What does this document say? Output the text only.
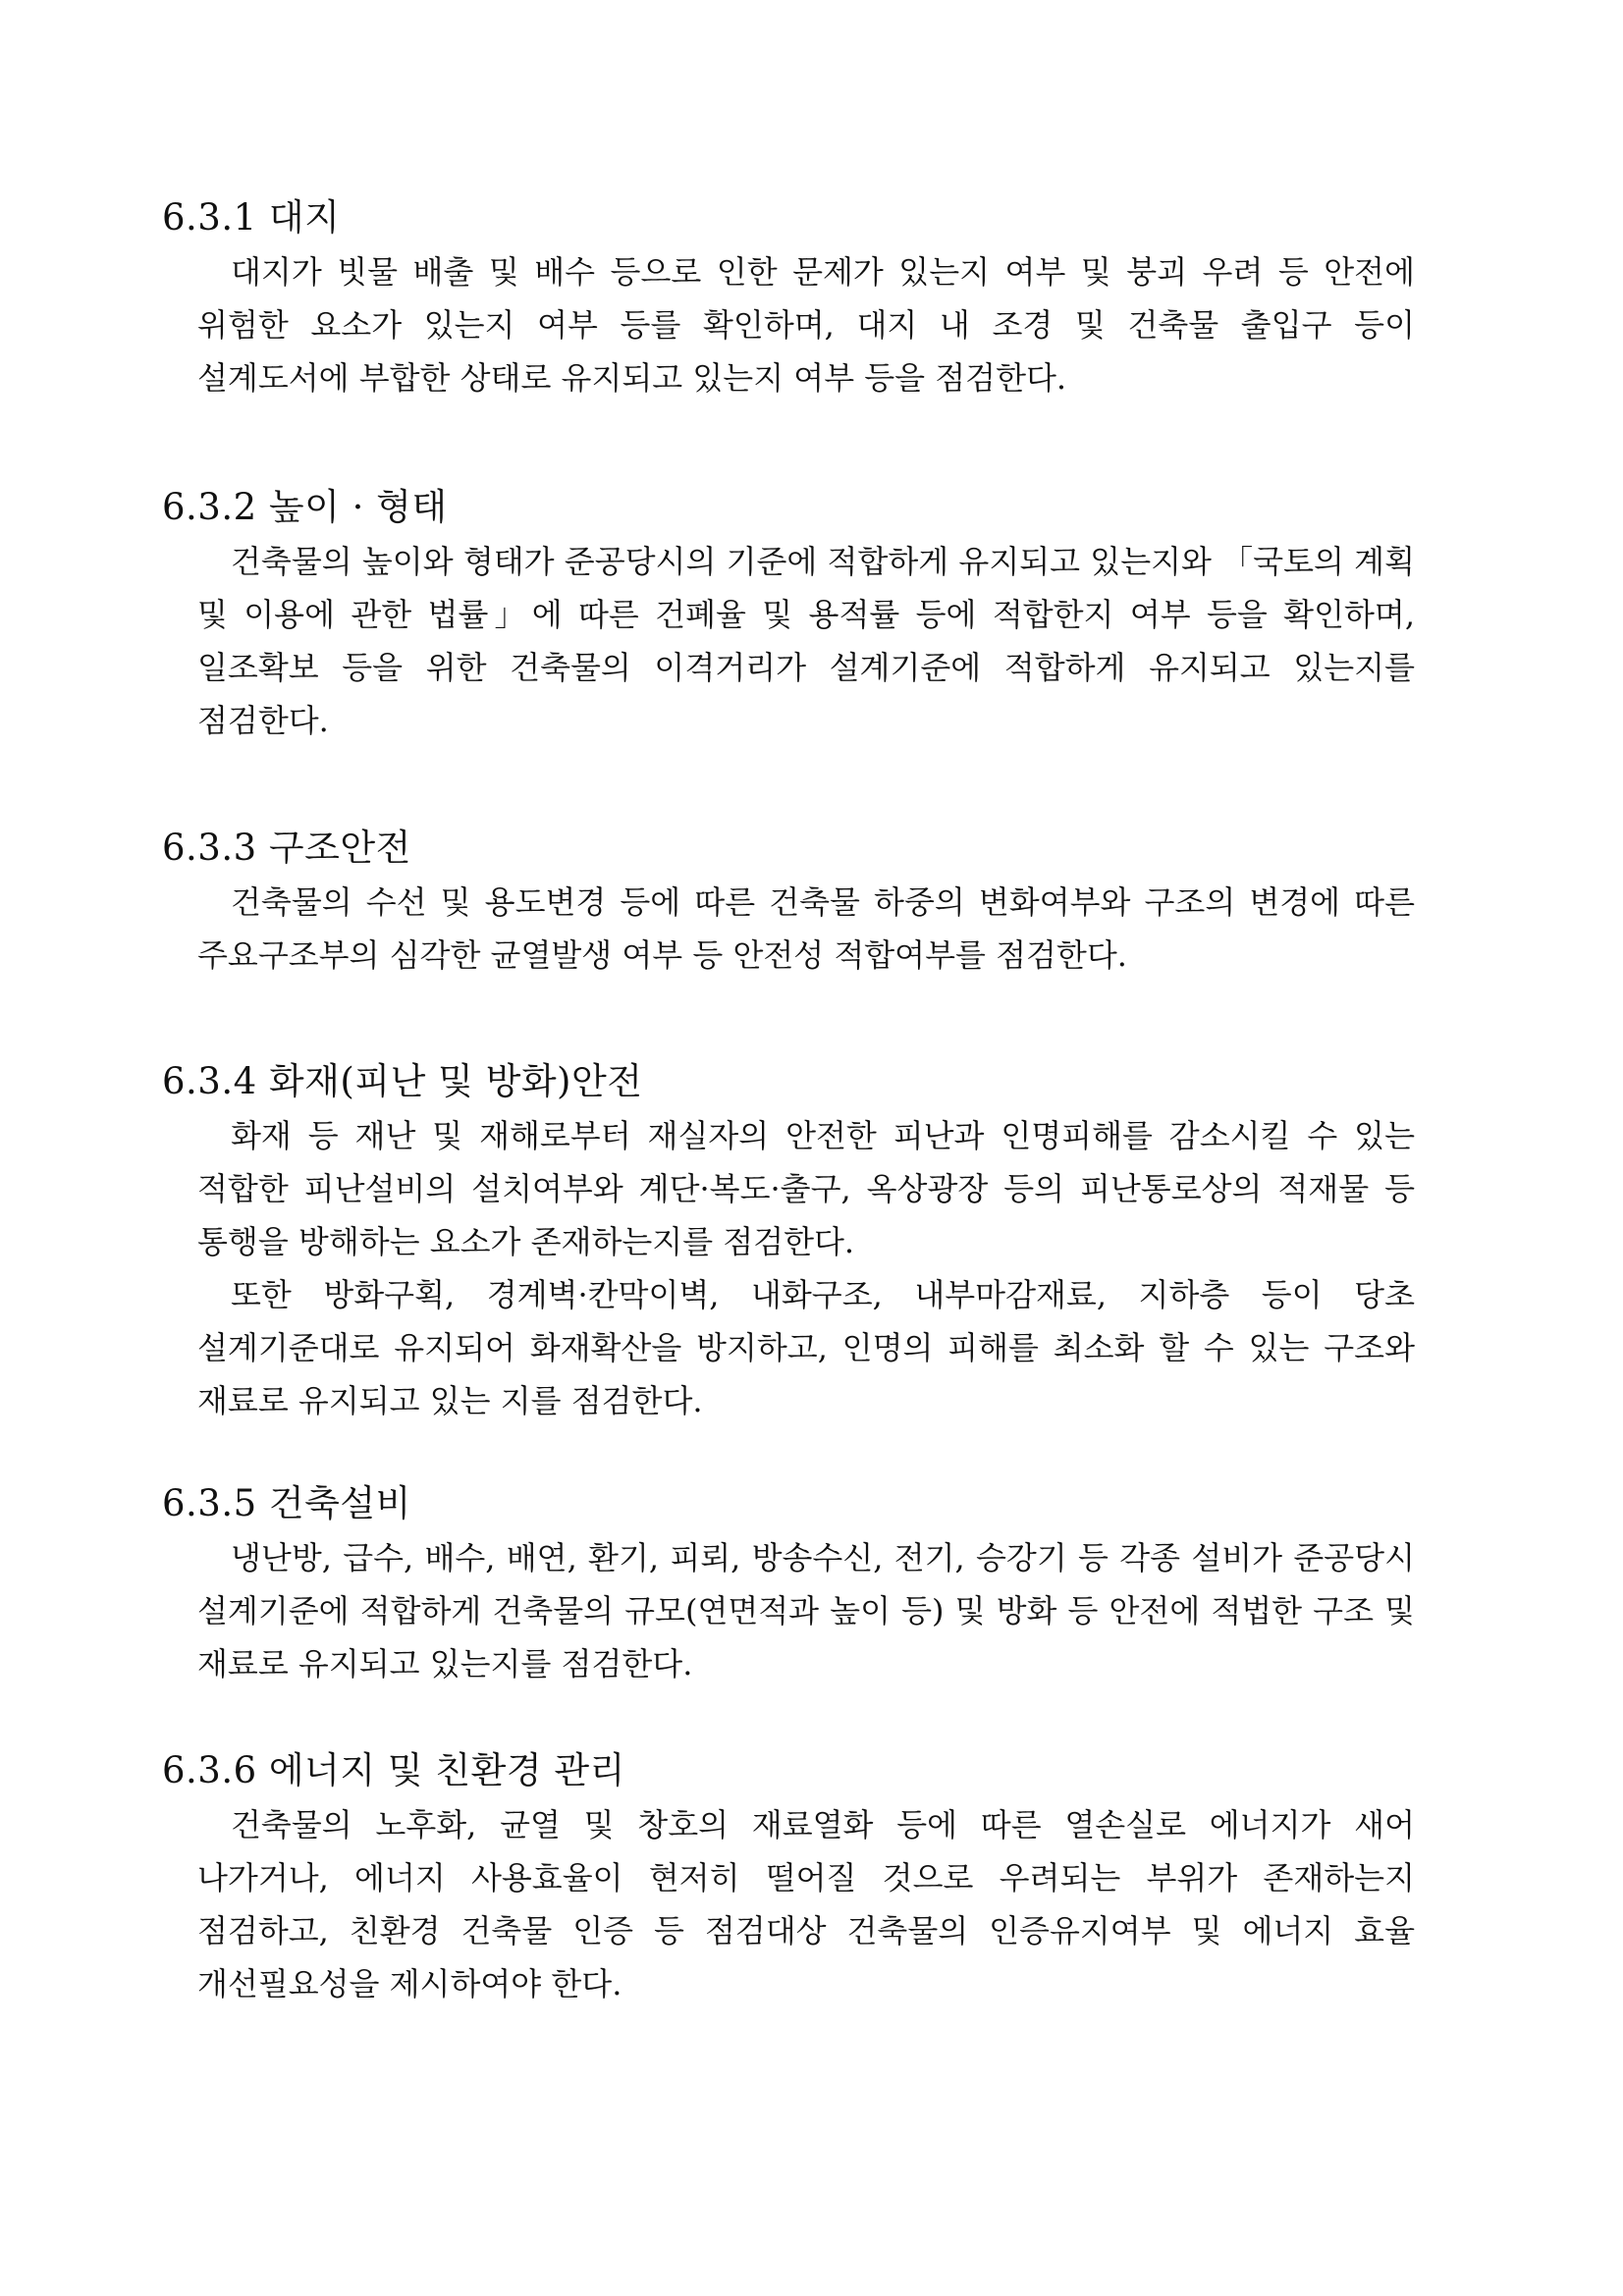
6.3.1 대지
대지가 빗물 배출 및 배수 등으로 인한 문제가 있는지 여부 및 붕괴 우려 등 안전에 위험한 요소가 있는지 여부 등를 확인하며, 대지 내 조경 및 건축물 출입구 등이 설계도서에 부합한 상태로 유지되고 있는지 여부 등을 점검한다.
6.3.2 높이 · 형태
건축물의 높이와 형태가 준공당시의 기준에 적합하게 유지되고 있는지와 「국토의 계획 및 이용에 관한 법률」에 따른 건폐율 및 용적률 등에 적합한지 여부 등을 확인하며, 일조확보 등을 위한 건축물의 이격거리가 설계기준에 적합하게 유지되고 있는지를 점검한다.
6.3.3 구조안전
건축물의 수선 및 용도변경 등에 따른 건축물 하중의 변화여부와 구조의 변경에 따른 주요구조부의 심각한 균열발생 여부 등 안전성 적합여부를 점검한다.
6.3.4 화재(피난 및 방화)안전
화재 등 재난 및 재해로부터 재실자의 안전한 피난과 인명피해를 감소시킬 수 있는 적합한 피난설비의 설치여부와 계단·복도·출구, 옥상광장 등의 피난통로상의 적재물 등 통행을 방해하는 요소가 존재하는지를 점검한다.
또한 방화구획, 경계벽·칸막이벽, 내화구조, 내부마감재료, 지하층 등이 당초 설계기준대로 유지되어 화재확산을 방지하고, 인명의 피해를 최소화 할 수 있는 구조와 재료로 유지되고 있는 지를 점검한다.
6.3.5 건축설비
냉난방, 급수, 배수, 배연, 환기, 피뢰, 방송수신, 전기, 승강기 등 각종 설비가 준공당시 설계기준에 적합하게 건축물의 규모(연면적과 높이 등) 및 방화 등 안전에 적법한 구조 및 재료로 유지되고 있는지를 점검한다.
6.3.6 에너지 및 친환경 관리
건축물의 노후화, 균열 및 창호의 재료열화 등에 따른 열손실로 에너지가 새어 나가거나, 에너지 사용효율이 현저히 떨어질 것으로 우려되는 부위가 존재하는지 점검하고, 친환경 건축물 인증 등 점검대상 건축물의 인증유지여부 및 에너지 효율 개선필요성을 제시하여야 한다.
